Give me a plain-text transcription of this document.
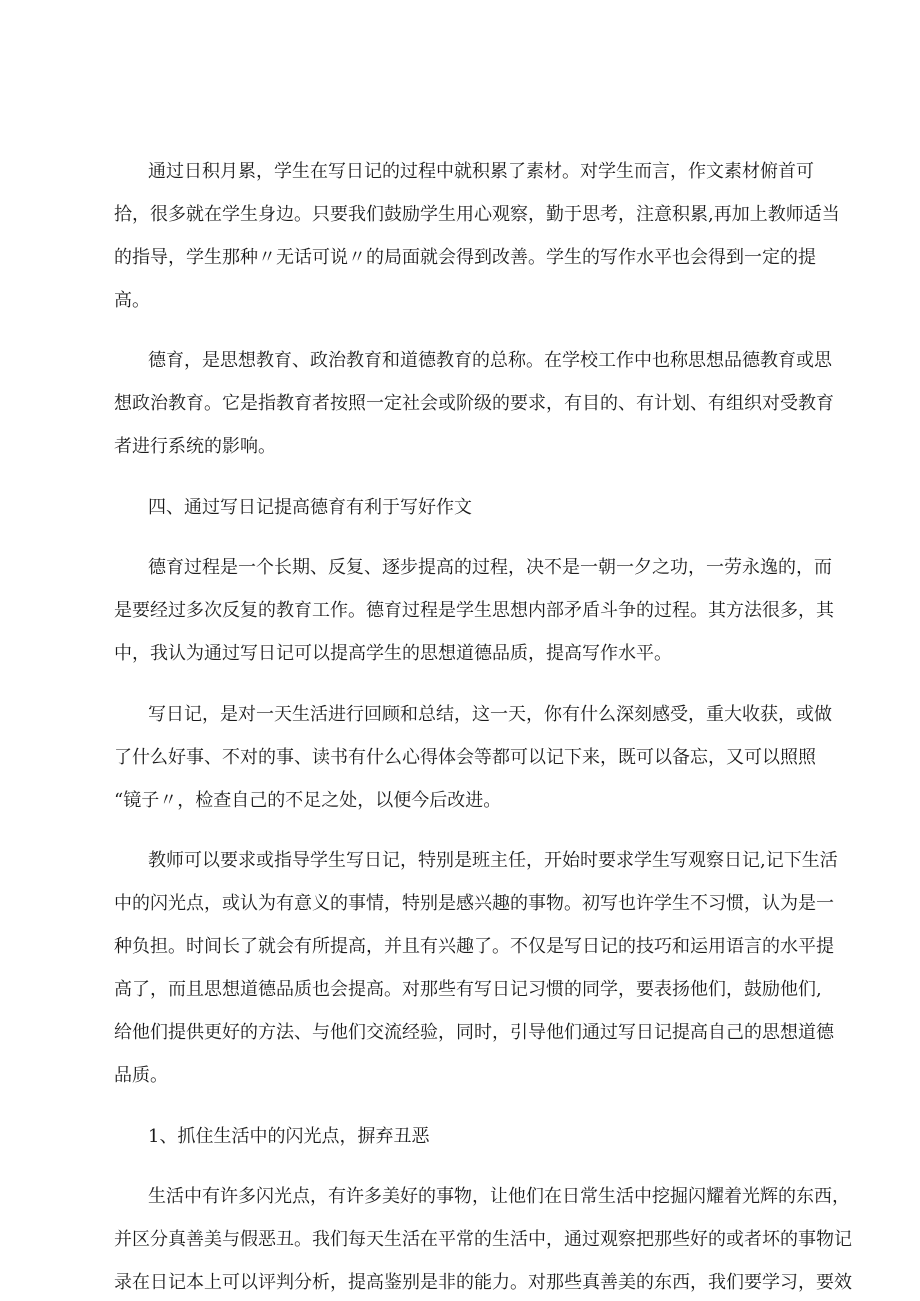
通过日积月累，学生在写日记的过程中就积累了素材。对学生而言，作文素材俯首可
拾，很多就在学生身边。只要我们鼓励学生用心观察，勤于思考，注意积累,再加上教师适当
的指导，学生那种〃无话可说〃的局面就会得到改善。学生的写作水平也会得到一定的提
高。
德育，是思想教育、政治教育和道德教育的总称。在学校工作中也称思想品德教育或思
想政治教育。它是指教育者按照一定社会或阶级的要求，有目的、有计划、有组织对受教育
者进行系统的影响。
四、通过写日记提高德育有利于写好作文
德育过程是一个长期、反复、逐步提高的过程，决不是一朝一夕之功，一劳永逸的，而
是要经过多次反复的教育工作。德育过程是学生思想内部矛盾斗争的过程。其方法很多，其
中，我认为通过写日记可以提高学生的思想道德品质，提高写作水平。
写日记，是对一天生活进行回顾和总结，这一天，你有什么深刻感受，重大收获，或做
了什么好事、不对的事、读书有什么心得体会等都可以记下来，既可以备忘，又可以照照
“镜子〃，检查自己的不足之处，以便今后改进。
教师可以要求或指导学生写日记，特别是班主任，开始时要求学生写观察日记,记下生活
中的闪光点，或认为有意义的事情，特别是感兴趣的事物。初写也许学生不习惯，认为是一
种负担。时间长了就会有所提高，并且有兴趣了。不仅是写日记的技巧和运用语言的水平提
高了，而且思想道德品质也会提高。对那些有写日记习惯的同学，要表扬他们，鼓励他们,
给他们提供更好的方法、与他们交流经验，同时，引导他们通过写日记提高自己的思想道德
品质。
1、抓住生活中的闪光点，摒弃丑恶
生活中有许多闪光点，有许多美好的事物，让他们在日常生活中挖掘闪耀着光辉的东西，
并区分真善美与假恶丑。我们每天生活在平常的生活中，通过观察把那些好的或者坏的事物记
录在日记本上可以评判分析，提高鉴别是非的能力。对那些真善美的东西，我们要学习，要效
